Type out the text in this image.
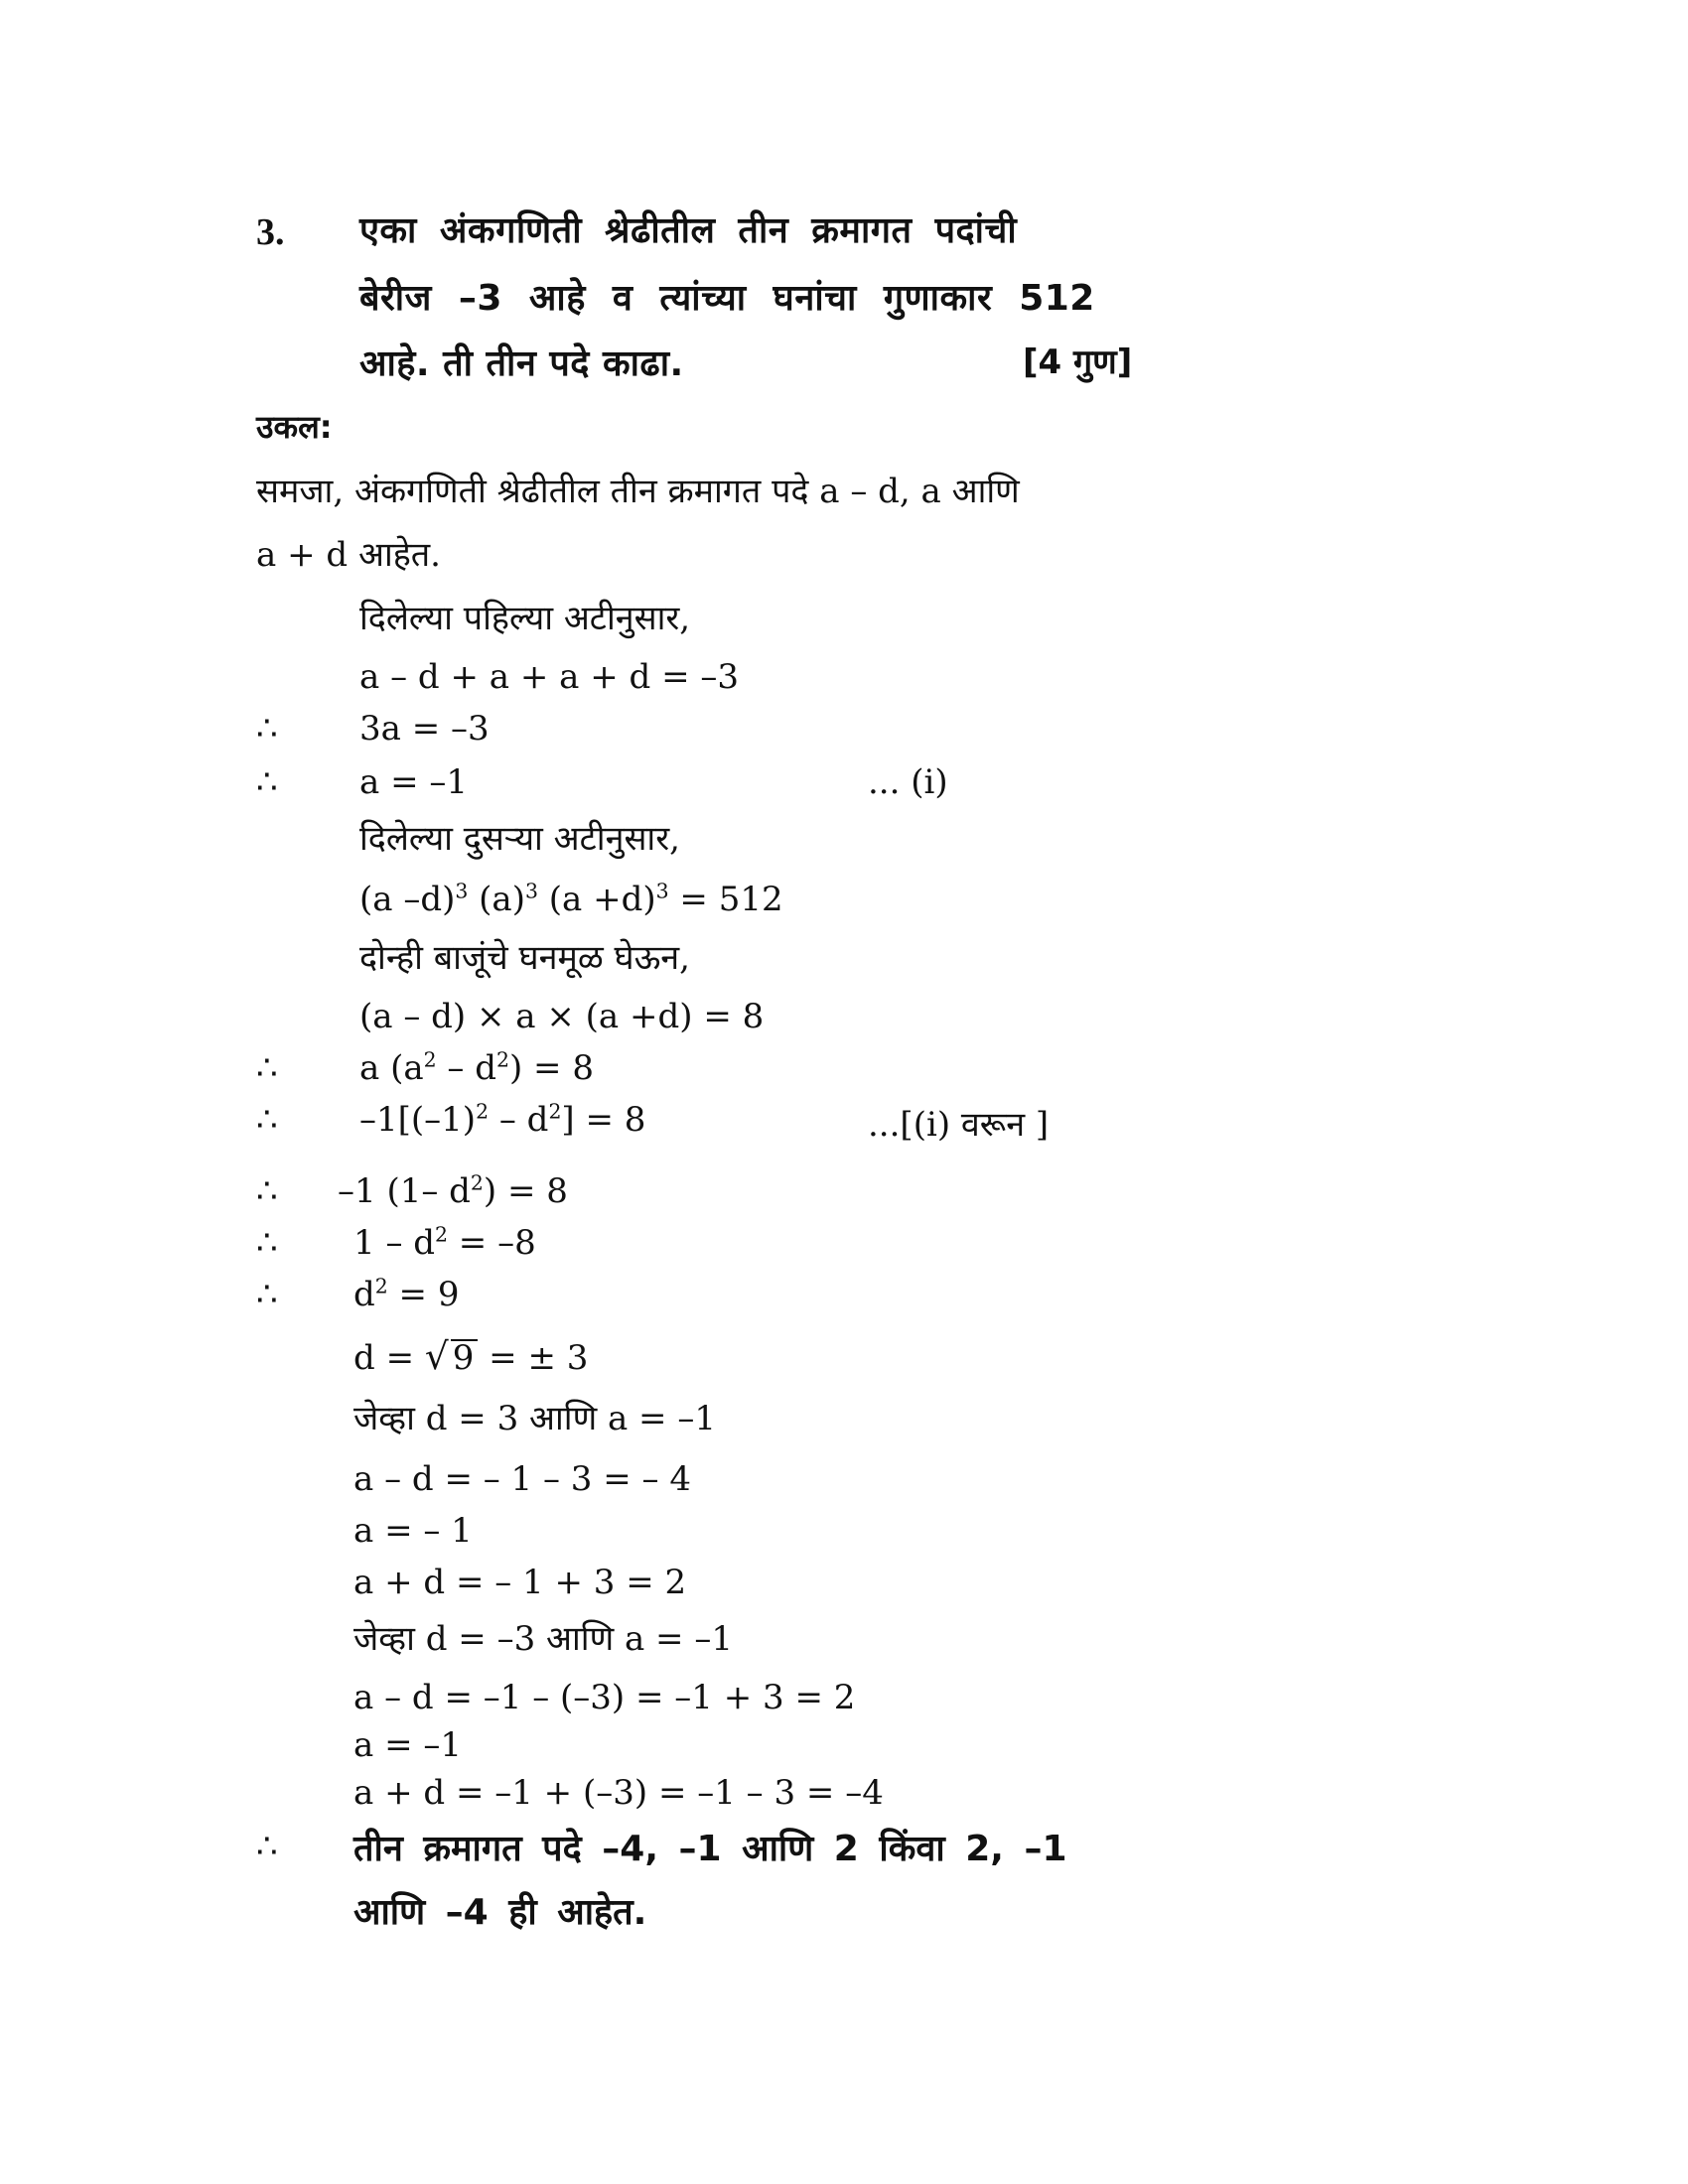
3. एका अंकगणिती श्रेढीतील तीन क्रमागत पदांची
बेरीज –3 आहे व त्यांच्या घनांचा गुणाकार 512
आहे. ती तीन पदे काढा.	[4 गुण]
उकल:
समजा, अंकगणिती श्रेढीतील तीन क्रमागत पदे a – d, a आणि
a + d आहेत.
दिलेल्या पहिल्या अटीनुसार,
a – d + a + a + d = –3
∴ 3a = –3
∴ a = –1	... (i)
दिलेल्या दुसऱ्या अटीनुसार,
(a –d)$^3$ $(a)^3$ $(a +d)^3 = 512$
दोन्ही बाजूंचे घनमूळ घेऊन,
(a – d) × a × (a +d) = 8
∴ a $(a^2 - d^2) = 8$
∴ $-1[(-1)^2 - d^2] = 8$	...[(i) वरून ]
∴ –1 (1– $d^2) = 8$
∴ $1 - d^2 = -8$
∴ $d^2 = 9$
d = √ 9 = ± 3
जेव्हा d = 3 आणि a = –1
a – d = – 1 – 3 = – 4
a = – 1
a + d = – 1 + 3 = 2
जेव्हा d = –3 आणि a = –1
a – d = –1 – (–3) = –1 + 3 = 2
a = –1
a + d = –1 + (–3) = –1 – 3 = –4
∴ तीन क्रमागत पदे –4, –1 आणि 2 किंवा 2, –1
आणि –4 ही आहेत.
